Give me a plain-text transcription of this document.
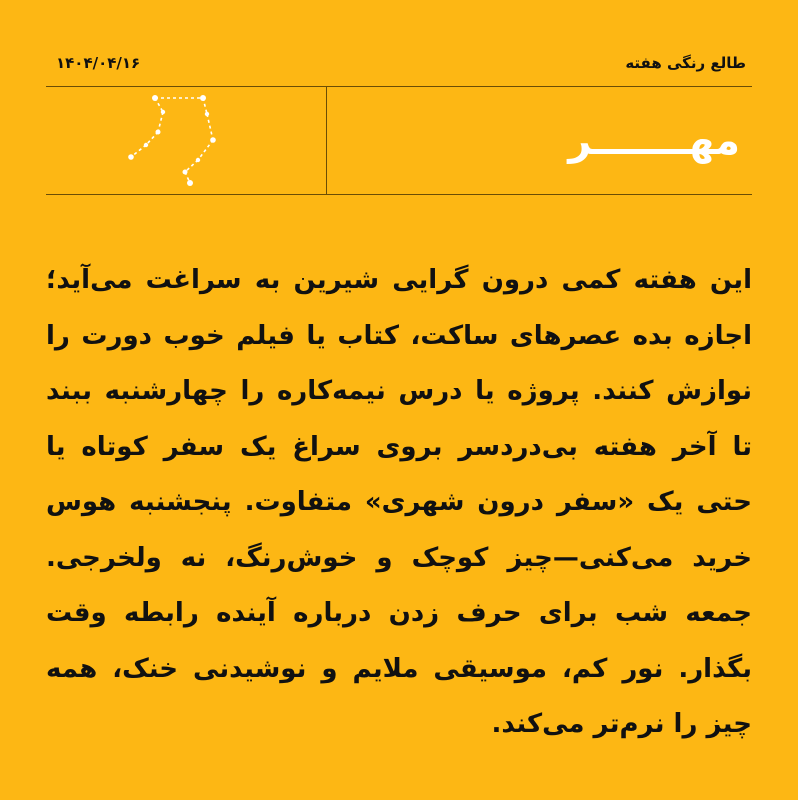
طالع رنگی هفته
۱۴۰۴/۰۴/۱۶
مهـــــــر
این هفته کمی درون گرایی شیرین به سراغت می‌آید؛ اجازه بده عصرهای ساکت، کتاب یا فیلم خوب دورت را نوازش کنند. پروژه یا درس نیمه‌کاره را چهارشنبه ببند تا آخر هفته بی‌دردسر بروی سراغ یک سفر کوتاه یا حتی یک «سفر درون شهری» متفاوت. پنجشنبه هوس خرید می‌کنی—چیز کوچک و خوش‌رنگ، نه ولخرجی. جمعه شب برای حرف زدن درباره آینده رابطه وقت بگذار. نور کم، موسیقی ملایم و نوشیدنی خنک، همه چیز را نرم‌تر می‌کند.
